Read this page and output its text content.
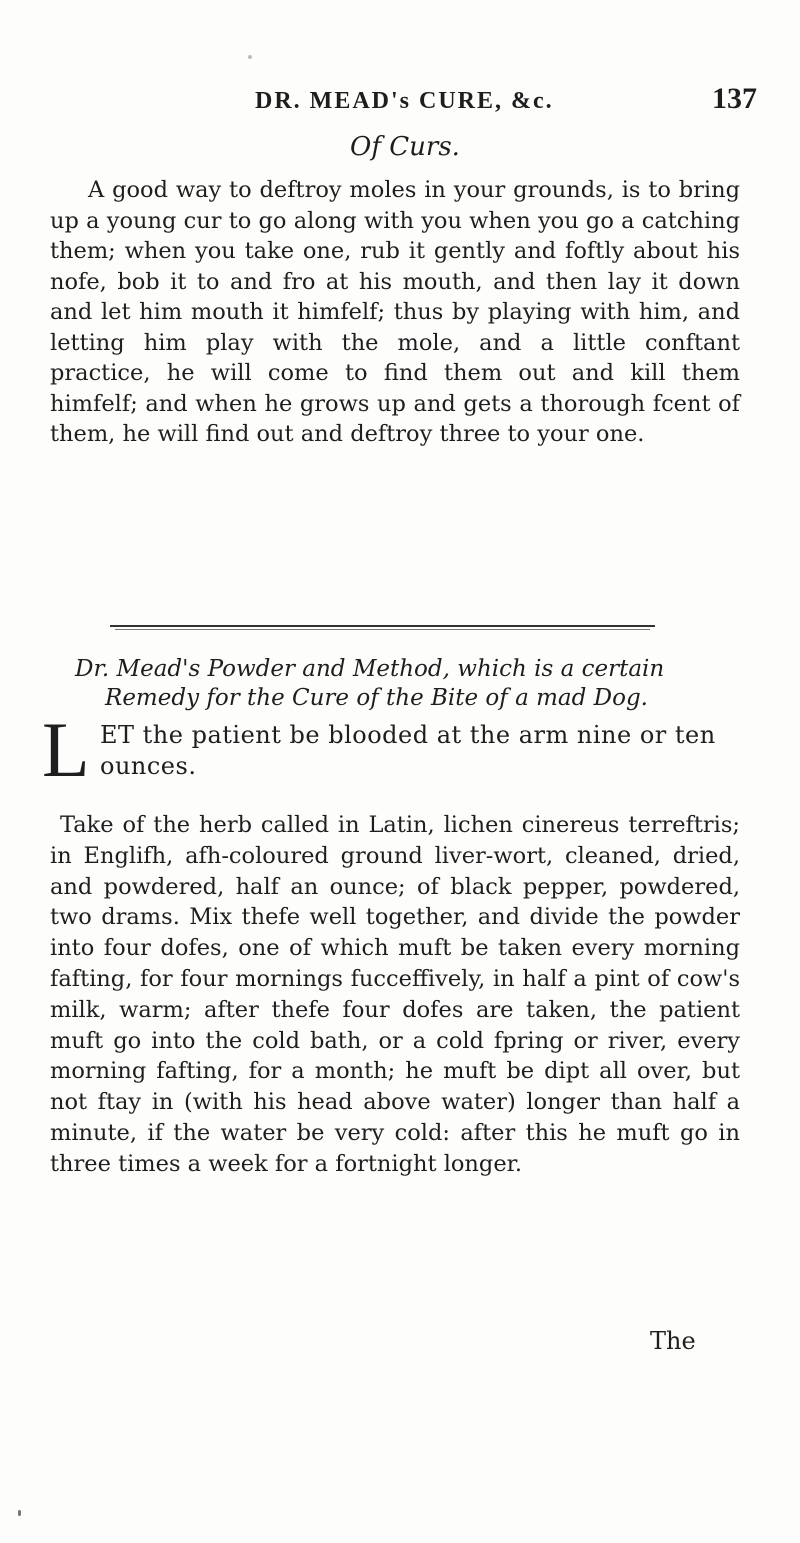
DR. MEAD's CURE, &c.	137
Of Curs.

A good way to deftroy moles in your grounds, is to bring up a young cur to go along with you when you go a catching them; when you take one, rub it gently and foftly about his nofe, bob it to and fro at his mouth, and then lay it down and let him mouth it himfelf; thus by playing with him, and letting him play with the mole, and a little conftant practice, he will come to find them out and kill them himfelf; and when he grows up and gets a thorough fcent of them, he will find out and deftroy three to your one.

Dr. Mead's Powder and Method, which is a certain
Remedy for the Cure of the Bite of a mad Dog.
L ET the patient be blooded at the arm nine or ten ounces.

Take of the herb called in Latin, lichen cinereus terreftris; in Englifh, afh-coloured ground liver-wort, cleaned, dried, and powdered, half an ounce; of black pepper, powdered, two drams. Mix thefe well together, and divide the powder into four dofes, one of which muft be taken every morning fafting, for four mornings fucceffively, in half a pint of cow's milk, warm; after thefe four dofes are taken, the patient muft go into the cold bath, or a cold fpring or river, every morning fafting, for a month; he muft be dipt all over, but not ftay in (with his head above water) longer than half a minute, if the water be very cold: after this he muft go in three times a week for a fortnight longer.

The
